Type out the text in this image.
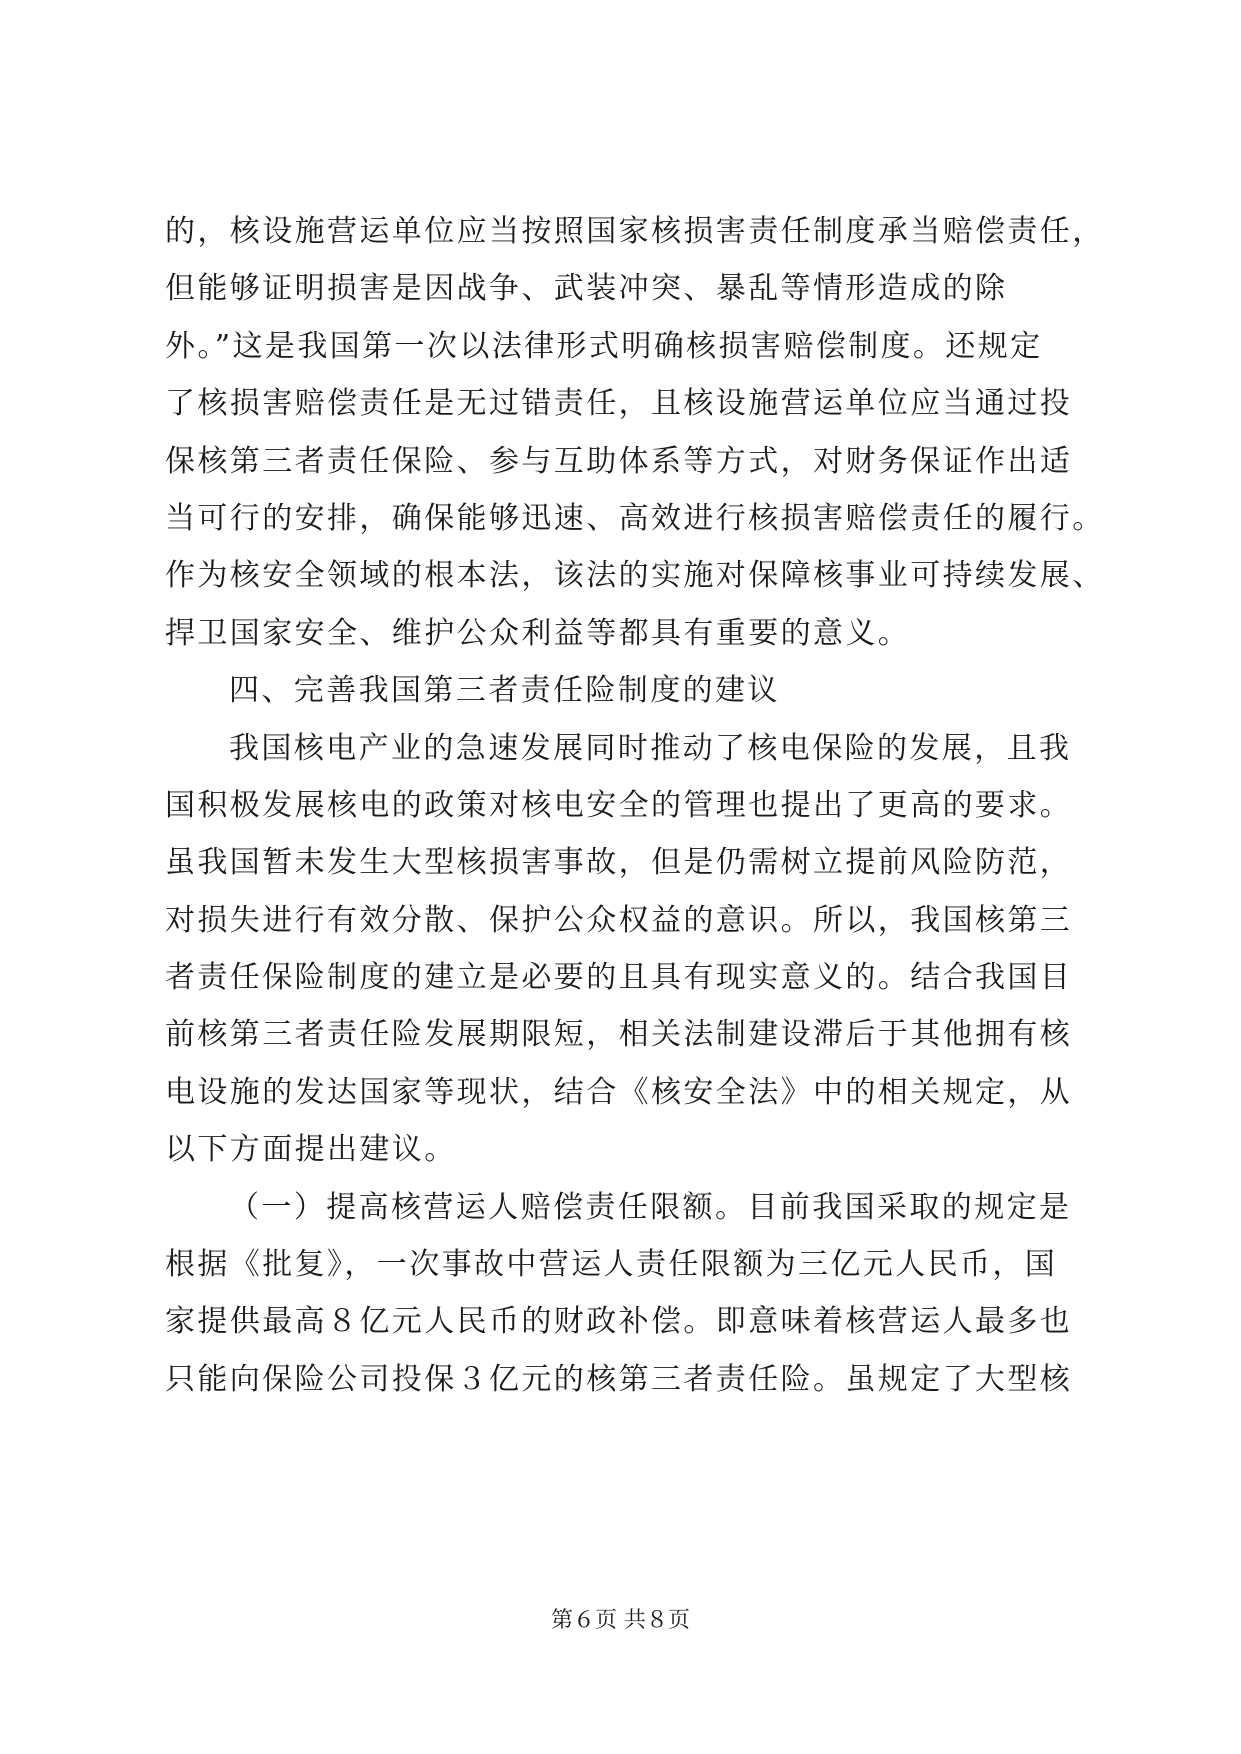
的，核设施营运单位应当按照国家核损害责任制度承当赔偿责任，
但能够证明损害是因战争、武装冲突、暴乱等情形造成的除
外。”这是我国第一次以法律形式明确核损害赔偿制度。还规定
了核损害赔偿责任是无过错责任，且核设施营运单位应当通过投
保核第三者责任保险、参与互助体系等方式，对财务保证作出适
当可行的安排，确保能够迅速、高效进行核损害赔偿责任的履行。
作为核安全领域的根本法，该法的实施对保障核事业可持续发展、
捍卫国家安全、维护公众利益等都具有重要的意义。
四、完善我国第三者责任险制度的建议
我国核电产业的急速发展同时推动了核电保险的发展，且我
国积极发展核电的政策对核电安全的管理也提出了更高的要求。
虽我国暂未发生大型核损害事故，但是仍需树立提前风险防范，
对损失进行有效分散、保护公众权益的意识。所以，我国核第三
者责任保险制度的建立是必要的且具有现实意义的。结合我国目
前核第三者责任险发展期限短，相关法制建设滞后于其他拥有核
电设施的发达国家等现状，结合《核安全法》中的相关规定，从
以下方面提出建议。
（一）提高核营运人赔偿责任限额。目前我国采取的规定是
根据《批复》，一次事故中营运人责任限额为三亿元人民币，国
家提供最高８亿元人民币的财政补偿。即意味着核营运人最多也
只能向保险公司投保３亿元的核第三者责任险。虽规定了大型核
第６页 共８页
